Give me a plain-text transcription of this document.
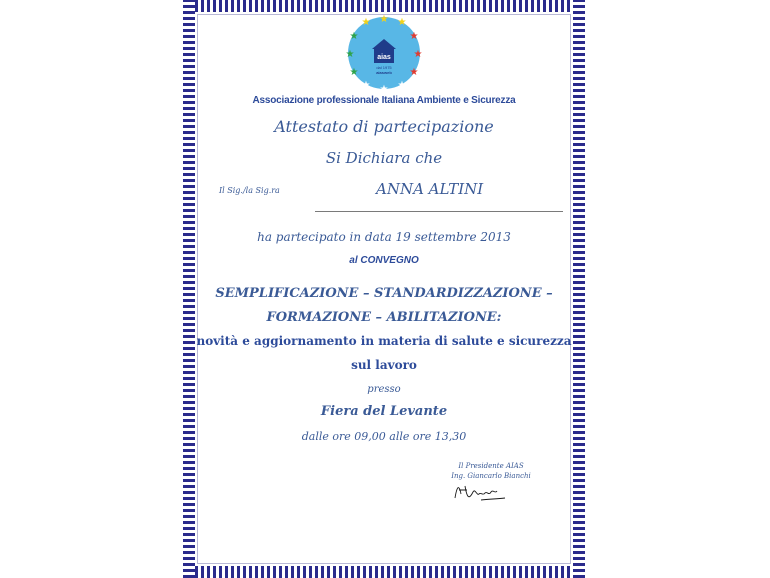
★ ★ ★
★
★
★
★
★
★
★
★
★
aias
dal 1975
aiasweb
Associazione professionale Italiana Ambiente e Sicurezza
Attestato di partecipazione
Si Dichiara che
Il Sig./la Sig.ra	ANNA ALTINI
ha partecipato in data 19 settembre 2013
al CONVEGNO
SEMPLIFICAZIONE – STANDARDIZZAZIONE –
FORMAZIONE – ABILITAZIONE:
novità e aggiornamento in materia di salute e sicurezza
sul lavoro
presso
Fiera del Levante
dalle ore 09,00 alle ore 13,30
Il Presidente AIAS
Ing. Giancarlo Bianchi
